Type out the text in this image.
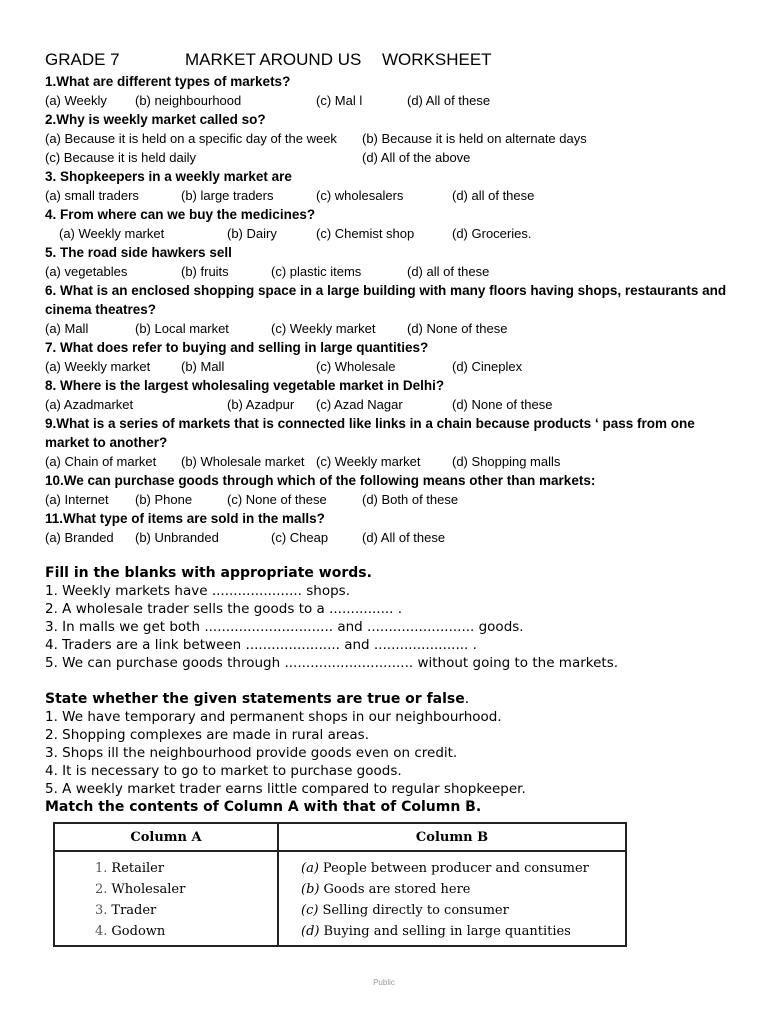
GRADE 7	MARKET AROUND US WORKSHEET
1.What are different types of markets?
(a) Weekly (b) neighbourhood	(c) Mal l	(d) All of these
2.Why is weekly market called so?
(a) Because it is held on a specific day of the week (b) Because it is held on alternate days
(c) Because it is held daily	(d) All of the above
3. Shopkeepers in a weekly market are
(a) small traders	(b) large traders	(c) wholesalers	(d) all of these
4. From where can we buy the medicines?
(a) Weekly market	(b) Dairy	(c) Chemist shop	(d) Groceries.
5. The road side hawkers sell
(a) vegetables	(b) fruits	(c) plastic items	(d) all of these
6. What is an enclosed shopping space in a large building with many floors having shops, restaurants and cinema theatres?
(a) Mall	(b) Local market	(c) Weekly market (d) None of these
7. What does refer to buying and selling in large quantities?
(a) Weekly market (b) Mall	(c) Wholesale	(d) Cineplex
8. Where is the largest wholesaling vegetable market in Delhi?
(a) Azadmarket	(b) Azadpur (c) Azad Nagar	(d) None of these
9.What is a series of markets that is connected like links in a chain because products ‘ pass from one market to another?
(a) Chain of market (b) Wholesale market (c) Weekly market (d) Shopping malls
10.We can purchase goods through which of the following means other than markets:
(a) Internet (b) Phone	(c) None of these	(d) Both of these
11.What type of items are sold in the malls?
(a) Branded (b) Unbranded	(c) Cheap	(d) All of these
Fill in the blanks with appropriate words.
1. Weekly markets have ..................... shops.
2. A wholesale trader sells the goods to a ............... .
3. In malls we get both .............................. and ......................... goods.
4. Traders are a link between ...................... and ...................... .
5. We can purchase goods through .............................. without going to the markets.
State whether the given statements are true or false.
1. We have temporary and permanent shops in our neighbourhood.
2. Shopping complexes are made in rural areas.
3. Shops ill the neighbourhood provide goods even on credit.
4. It is necessary to go to market to purchase goods.
5. A weekly market trader earns little compared to regular shopkeeper.
Match the contents of Column A with that of Column B.
Column A	Column B
1. Retailer	(a) People between producer and consumer
2. Wholesaler	(b) Goods are stored here
3. Trader	(c) Selling directly to consumer
4. Godown	(d) Buying and selling in large quantities
Public
